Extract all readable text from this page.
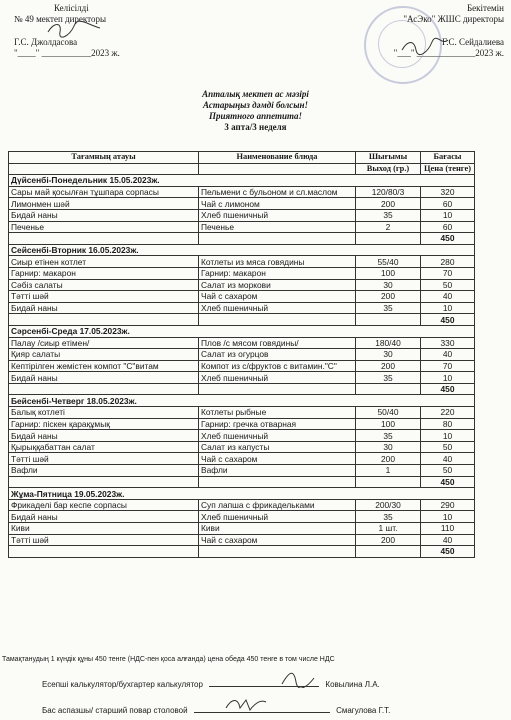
Келісілді
№ 49 мектеп директоры
Г.С. Джолдасова
"____" ___________2023 ж.
Бекітемін
"АсЭко" ЖШС директоры
Г.С. Сейдалиева
"___" _____________2023 ж.
Апталық мектеп ас мәзірі
Астарыңыз дәмді болсын!
Приятного аппетита!
3 апта/3 неделя
Тағамның атауы	Наименование блюда	Шығымы	Бағасы
		Выход (гр.)	Цена (тенге)
Дүйсенбі-Понедельник 15.05.2023ж.			
Сары май қосылған тұшпара сорпасы	Пельмени с бульоном и сл.маслом	120/80/3	320
Лимонмен шәй	Чай с лимоном	200	60
Бидай наны	Хлеб пшеничный	35	10
Печенье	Печенье	2	60
			450
Сейсенбі-Вторник 16.05.2023ж.			
Сиыр етінен котлет	Котлеты из мяса говядины	55/40	280
Гарнир: макарон	Гарнир: макарон	100	70
Сәбіз салаты	Салат из моркови	30	50
Тәтті шәй	Чай с сахаром	200	40
Бидай наны	Хлеб пшеничный	35	10
			450
Сәрсенбі-Среда 17.05.2023ж.			
Палау /сиыр етімен/	Плов /с мясом говядины/	180/40	330
Қияр салаты	Салат из огурцов	30	40
Кептірілген жемістен компот "С"витам	Компот из с/фруктов с витамин."С"	200	70
Бидай наны	Хлеб пшеничный	35	10
			450
Бейсенбі-Четверг 18.05.2023ж.			
Балық котлеті	Котлеты рыбные	50/40	220
Гарнир: пiскен қарақұмық	Гарнир: гречка отварная	100	80
Бидай наны	Хлеб пшеничный	35	10
Қырыққабаттан салат	Салат из капусты	30	50
Тәтті шәй	Чай с сахаром	200	40
Вафли	Вафли	1	50
			450
Жұма-Пятница 19.05.2023ж.			
Фрикаделі бар кеспе сорпасы	Суп лапша с фрикадельками	200/30	290
Бидай наны	Хлеб пшеничный	35	10
Киви	Киви	1 шт.	110
Тәтті шәй	Чай с сахаром	200	40
			450
Тамақтанудың 1 күндік құны 450 тенге (НДС-пен қоса алғанда) цена обеда 450 тенге в том числе НДС
Есепші калькулятор/бухгартер калькулятор	Ковылина Л.А.
Бас аспазшы/ старший повар столовой	Смагулова Г.Т.
